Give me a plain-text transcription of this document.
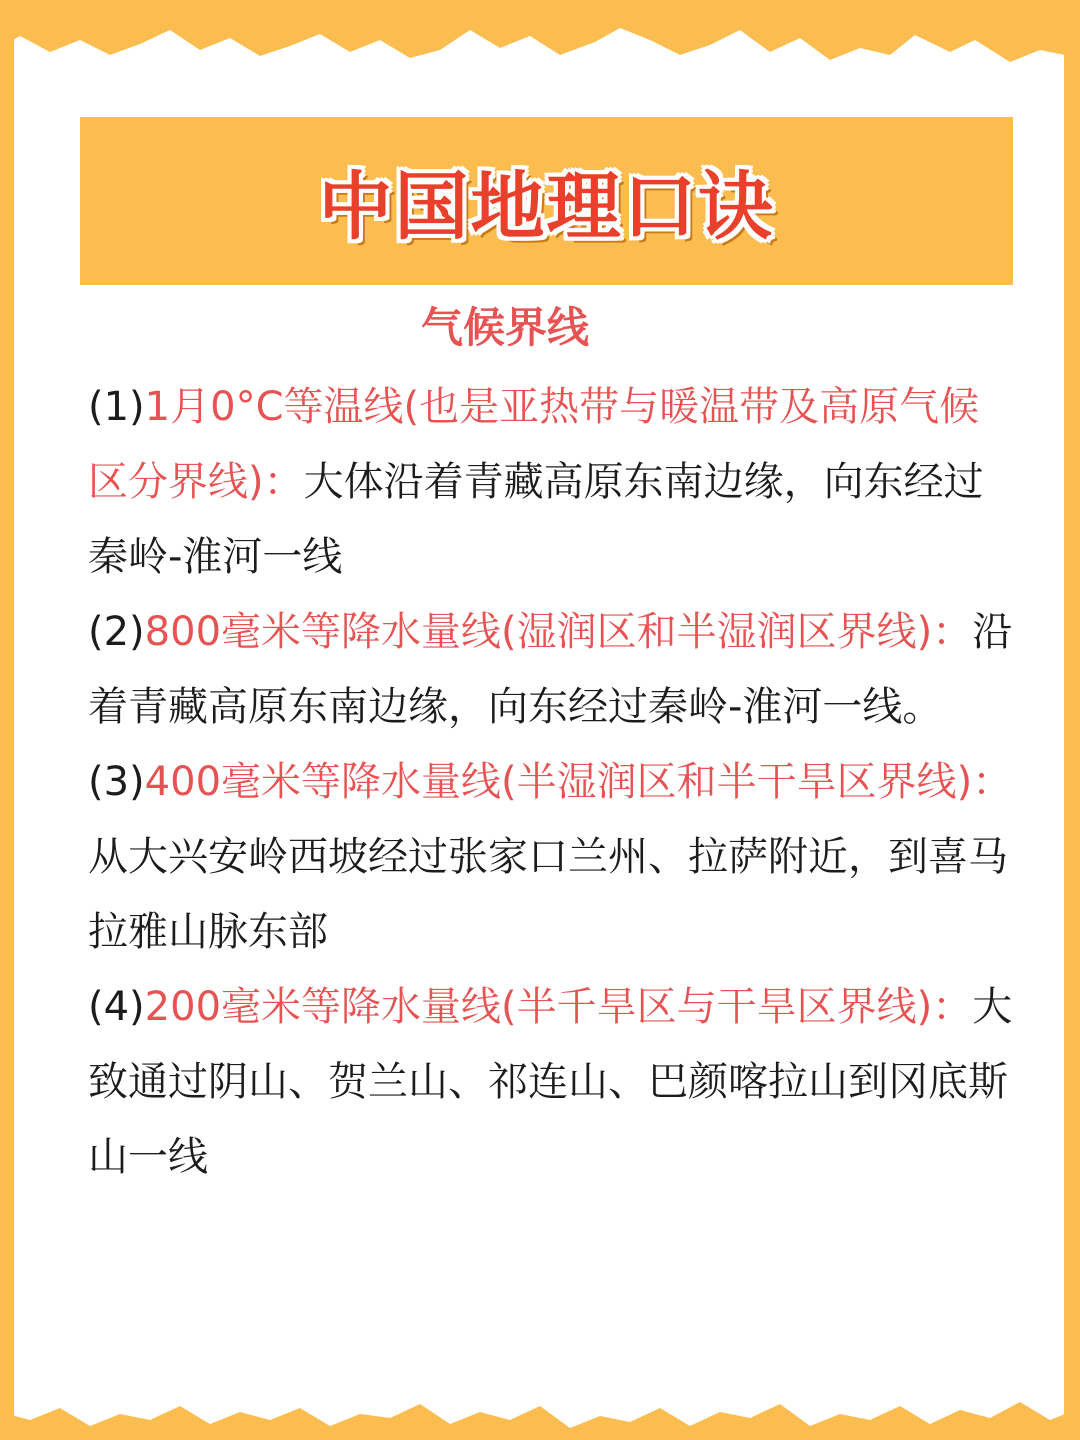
中国地理口诀
气候界线

(1)1月0°C等温线(也是亚热带与暖温带及高原气候区分界线)：大体沿着青藏高原东南边缘，向东经过秦岭-淮河一线

(2)800毫米等降水量线(湿润区和半湿润区界线)：沿着青藏高原东南边缘，向东经过秦岭-淮河一线。

(3)400毫米等降水量线(半湿润区和半干旱区界线)：从大兴安岭西坡经过张家口兰州、拉萨附近，到喜马拉雅山脉东部

(4)200毫米等降水量线(半千旱区与干旱区界线)：大致通过阴山、贺兰山、祁连山、巴颜喀拉山到冈底斯山一线
